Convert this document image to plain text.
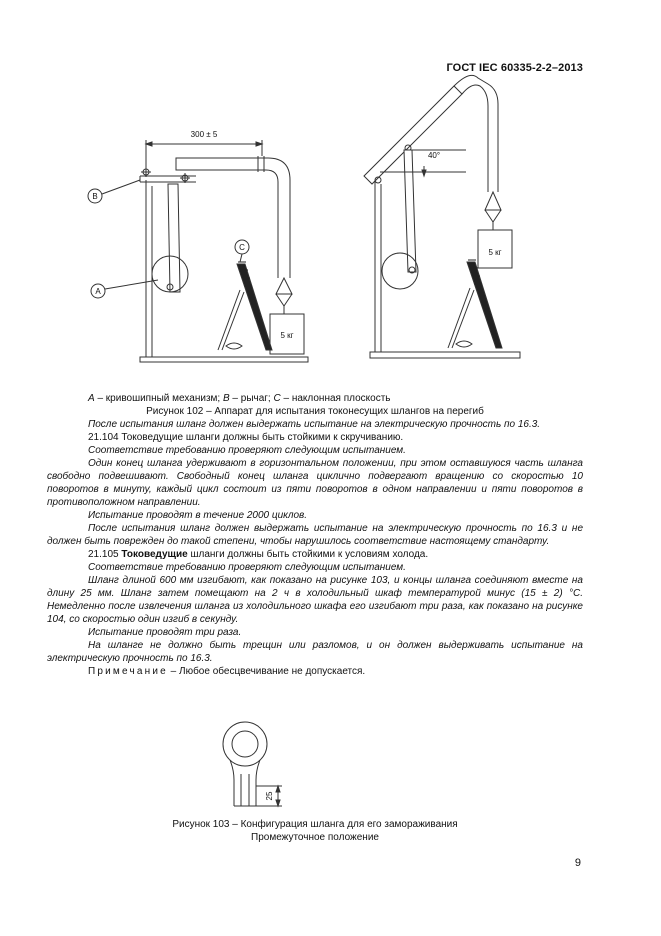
ГОСТ IEC 60335-2-2–2013
300 ± 5
B
A
C
5 кг
40°
5 кг

A – кривошипный механизм; B – рычаг; C – наклонная плоскость

Рисунок 102 – Аппарат для испытания токонесущих шлангов на перегиб

После испытания шланг должен выдержать испытание на электрическую прочность по 16.3.

21.104 Токоведущие шланги должны быть стойкими к скручиванию.

Соответствие требованию проверяют следующим испытанием.

Один конец шланга удерживают в горизонтальном положении, при этом оставшуюся часть шланга свободно подвешивают. Свободный конец шланга циклично подвергают вращению со скоростью 10 поворотов в минуту, каждый цикл состоит из пяти поворотов в одном направлении и пяти поворотов в противоположном направлении.

Испытание проводят в течение 2000 циклов.

После испытания шланг должен выдержать испытание на электрическую прочность по 16.3 и не должен быть поврежден до такой степени, чтобы нарушилось соответствие настоящему стандарту.

21.105 Токоведущие шланги должны быть стойкими к условиям холода.

Соответствие требованию проверяют следующим испытанием.

Шланг длиной 600 мм изгибают, как показано на рисунке 103, и концы шланга соединяют вместе на длину 25 мм. Шланг затем помещают на 2 ч в холодильный шкаф температурой минус (15 ± 2) °С. Немедленно после извлечения шланга из холодильного шкафа его изгибают три раза, как показано на рисунке 104, со скоростью один изгиб в секунду.

Испытание проводят три раза.

На шланге не должно быть трещин или разломов, и он должен выдерживать испытание на электрическую прочность по 16.3.

Примечание – Любое обесцвечивание не допускается.

25
Рисунок 103 – Конфигурация шланга для его замораживания
Промежуточное положение
9
